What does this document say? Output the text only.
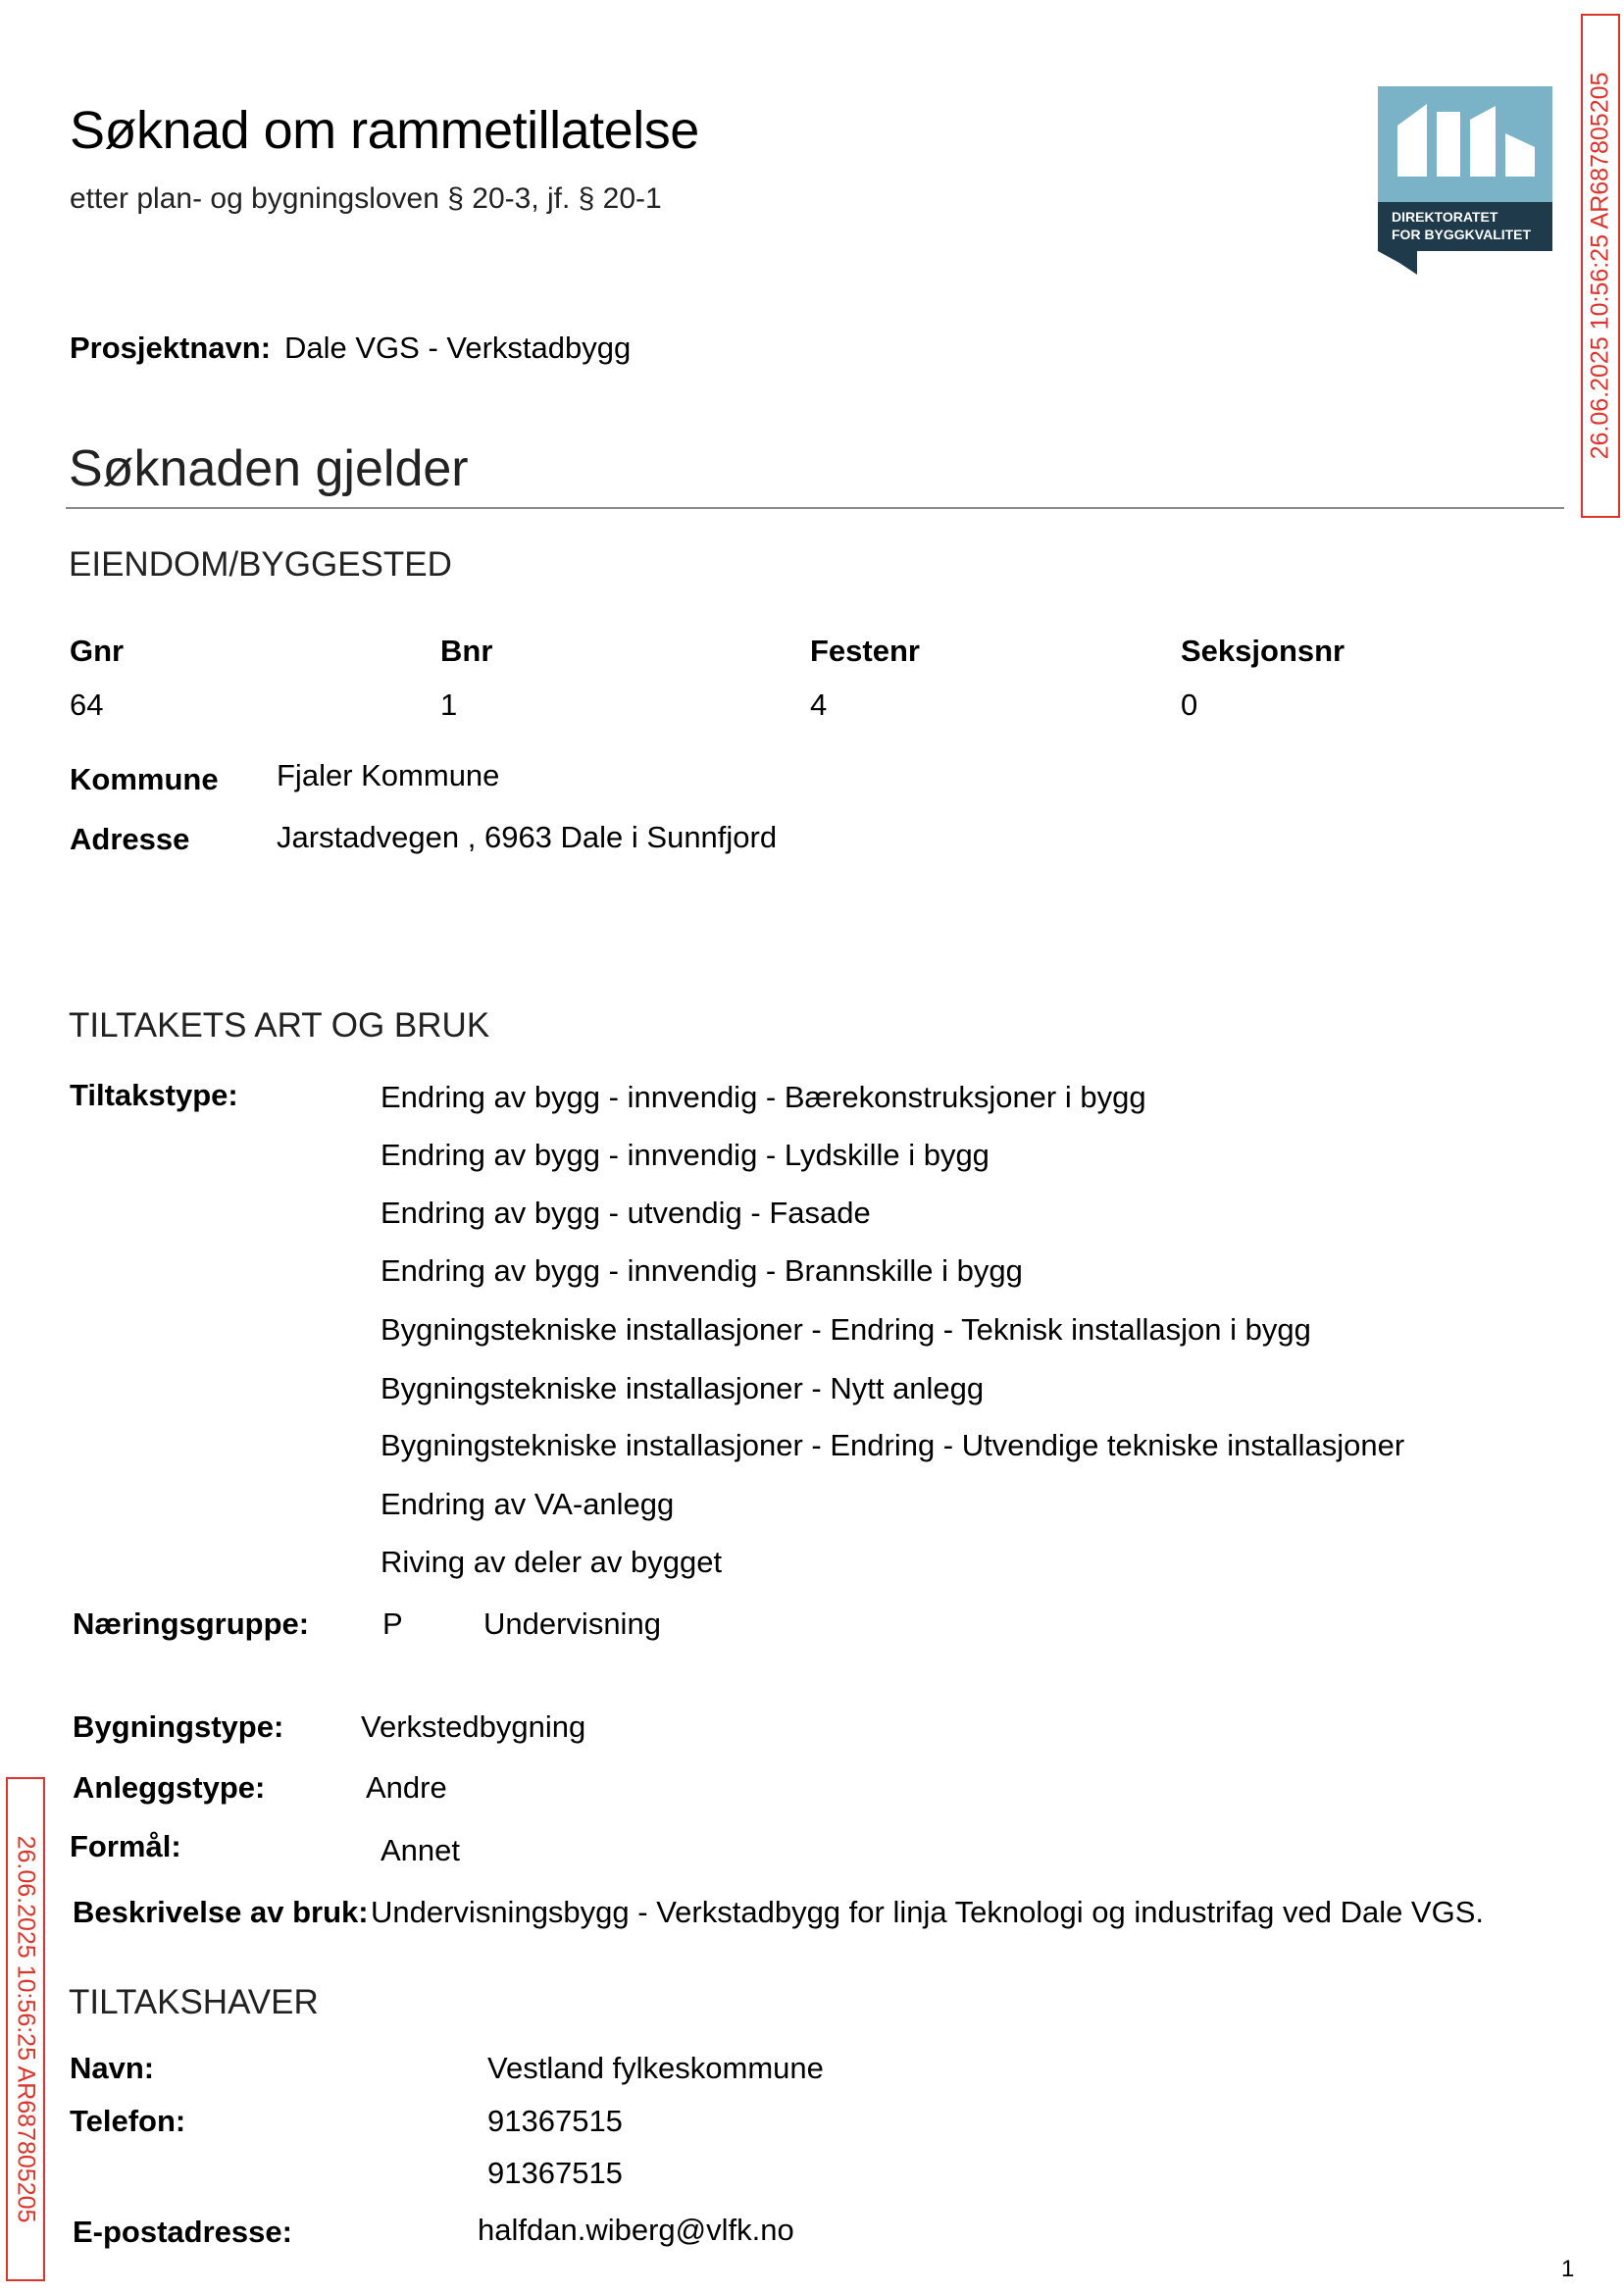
Søknad om rammetillatelse
etter plan- og bygningsloven § 20-3, jf. § 20-1
DIREKTORATET
FOR BYGGKVALITET 26.06.2025 10:56:25 AR687805205
26.06.2025 10:56:25 AR687805205
Prosjektnavn: Dale VGS - Verkstadbygg
Søknaden gjelder
EIENDOM/BYGGESTED
Gnr	Bnr	Festenr	Seksjonsnr
64	1	4	0
Kommune Fjaler Kommune
Adresse	Jarstadvegen , 6963 Dale i Sunnfjord
TILTAKETS ART OG BRUK
Tiltakstype:	Endring av bygg - innvendig - Bærekonstruksjoner i bygg
Endring av bygg - innvendig - Lydskille i bygg
Endring av bygg - utvendig - Fasade
Endring av bygg - innvendig - Brannskille i bygg
Bygningstekniske installasjoner - Endring - Teknisk installasjon i bygg
Bygningstekniske installasjoner - Nytt anlegg
Bygningstekniske installasjoner - Endring - Utvendige tekniske installasjoner
Endring av VA-anlegg
Riving av deler av bygget
Næringsgruppe: P	Undervisning
Bygningstype:	Verkstedbygning
Anleggstype:	Andre
Formål:	Annet
Beskrivelse av bruk: Undervisningsbygg - Verkstadbygg for linja Teknologi og industrifag ved Dale VGS.
TILTAKSHAVER
Navn:	Vestland fylkeskommune
Telefon:	91367515
91367515
E-postadresse:	halfdan.wiberg@vlfk.no
1
